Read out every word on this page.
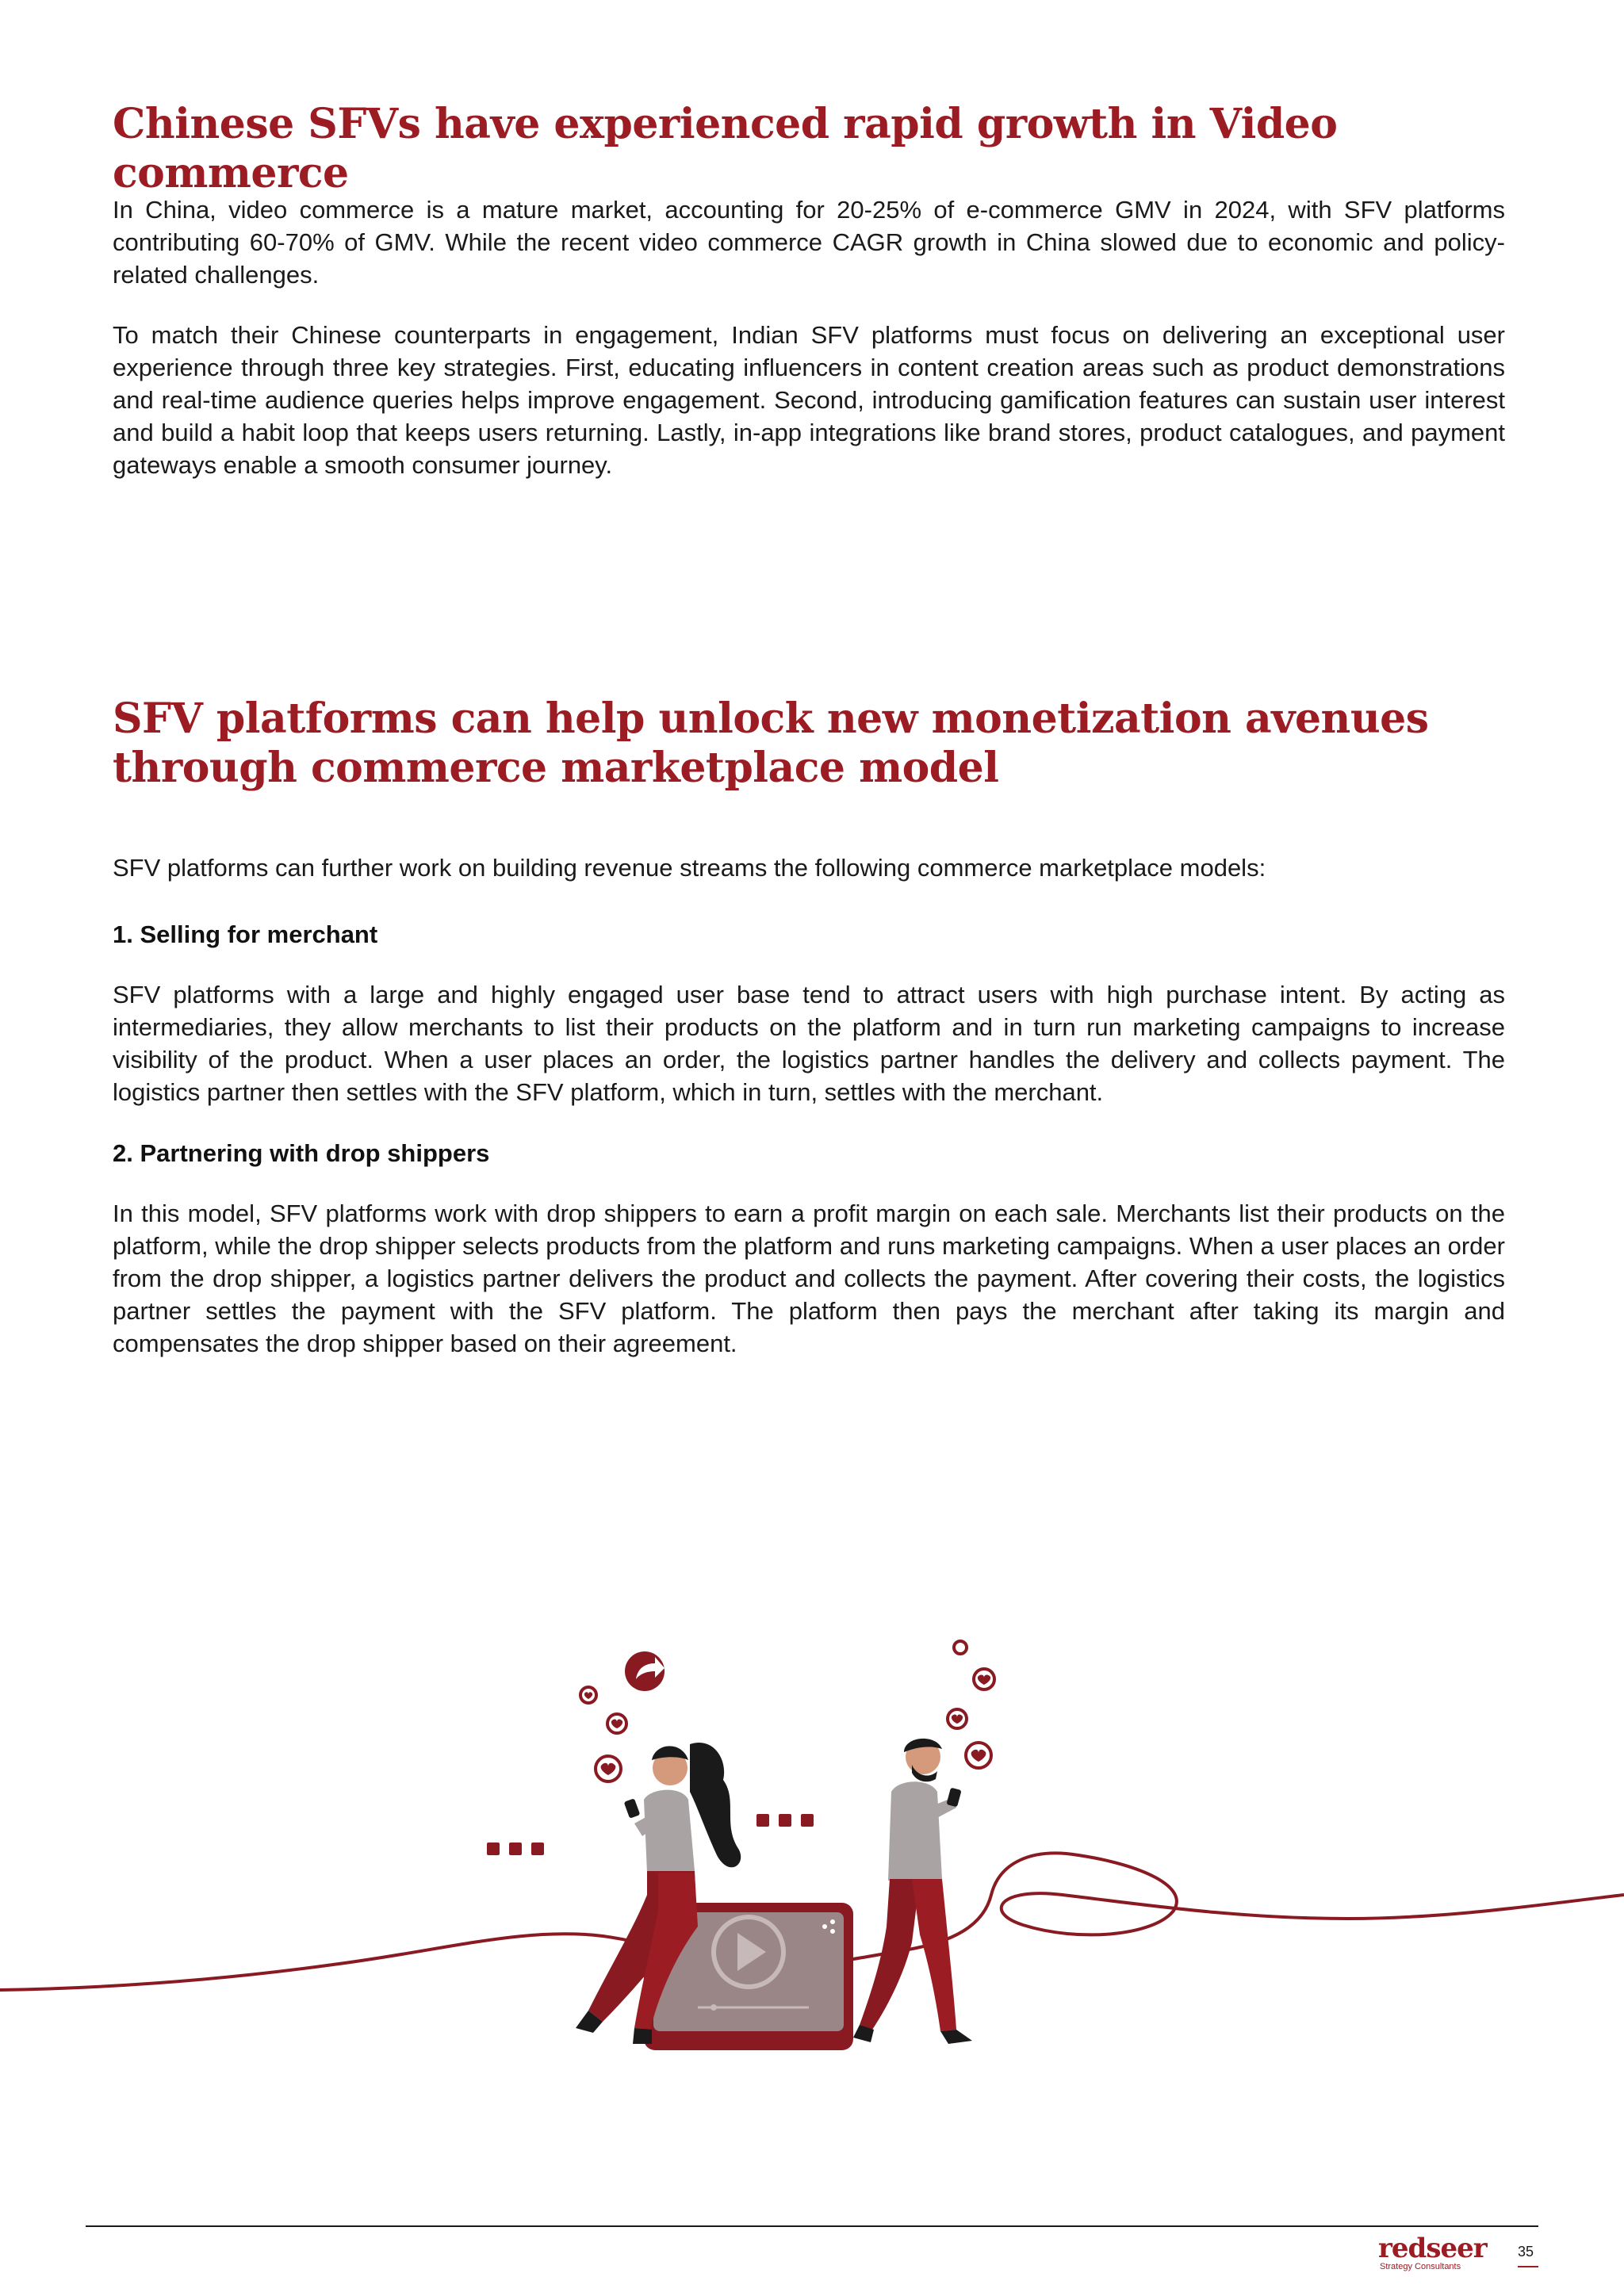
Chinese SFVs have experienced rapid growth in Video commerce

In China, video commerce is a mature market, accounting for 20-25% of e-commerce GMV in 2024, with SFV platforms contributing 60-70% of GMV. While the recent video commerce CAGR growth in China slowed due to economic and policy-related challenges.

To match their Chinese counterparts in engagement, Indian SFV platforms must focus on delivering an exceptional user experience through three key strategies. First, educating influencers in content creation areas such as product demonstrations and real-time audience queries helps improve engagement. Second, introducing gamification features can sustain user interest and build a habit loop that keeps users returning. Lastly, in-app integrations like brand stores, product catalogues, and payment gateways enable a smooth consumer journey.

SFV platforms can help unlock new monetization avenues through commerce marketplace model

SFV platforms can further work on building revenue streams the following commerce marketplace models:

1. Selling for merchant

SFV platforms with a large and highly engaged user base tend to attract users with high purchase intent. By acting as intermediaries, they allow merchants to list their products on the platform and in turn run marketing campaigns to increase visibility of the product. When a user places an order, the logistics partner handles the delivery and collects payment. The logistics partner then settles with the SFV platform, which in turn, settles with the merchant.

2. Partnering with drop shippers

In this model, SFV platforms work with drop shippers to earn a profit margin on each sale. Merchants list their products on the platform, while the drop shipper selects products from the platform and runs marketing campaigns. When a user places an order from the drop shipper, a logistics partner delivers the product and collects the payment. After covering their costs, the logistics partner settles the payment with the SFV platform. The platform then pays the merchant after taking its margin and compensates the drop shipper based on their agreement.

redseer
Strategy Consultants
35
